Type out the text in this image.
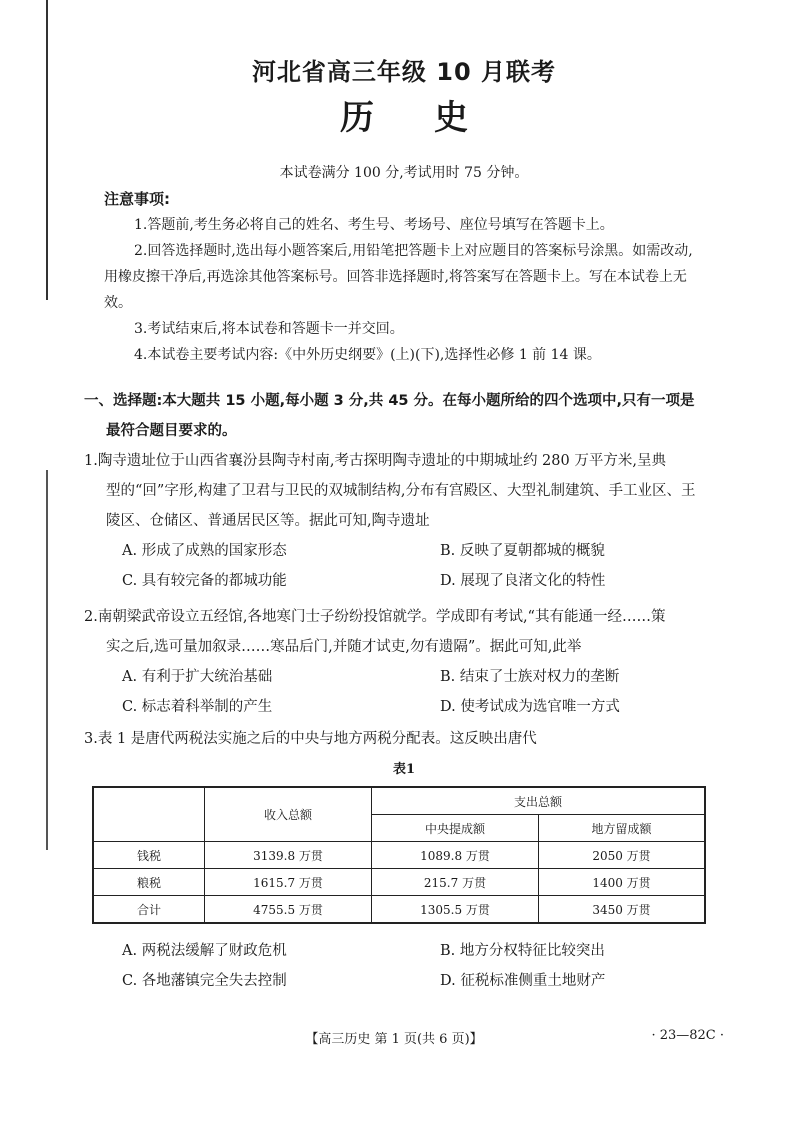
河北省高三年级 10 月联考
历史
本试卷满分 100 分,考试用时 75 分钟。
注意事项:

1.答题前,考生务必将自己的姓名、考生号、考场号、座位号填写在答题卡上。

2.回答选择题时,选出每小题答案后,用铅笔把答题卡上对应题目的答案标号涂黑。如需改动,用橡皮擦干净后,再选涂其他答案标号。回答非选择题时,将答案写在答题卡上。写在本试卷上无效。

3.考试结束后,将本试卷和答题卡一并交回。

4.本试卷主要考试内容:《中外历史纲要》(上)(下),选择性必修 1 前 14 课。

一、选择题:本大题共 15 小题,每小题 3 分,共 45 分。在每小题所给的四个选项中,只有一项是
最符合题目要求的。
1.陶寺遗址位于山西省襄汾县陶寺村南,考古探明陶寺遗址的中期城址约 280 万平方米,呈典
型的“回”字形,构建了卫君与卫民的双城制结构,分布有宫殿区、大型礼制建筑、手工业区、王
陵区、仓储区、普通居民区等。据此可知,陶寺遗址
A. 形成了成熟的国家形态	B. 反映了夏朝都城的概貌
C. 具有较完备的都城功能	D. 展现了良渚文化的特性
2.南朝梁武帝设立五经馆,各地寒门士子纷纷投馆就学。学成即有考试,“其有能通一经……策
实之后,选可量加叙录……寒品后门,并随才试吏,勿有遗隔”。据此可知,此举
A. 有利于扩大统治基础	B. 结束了士族对权力的垄断
C. 标志着科举制的产生	D. 使考试成为选官唯一方式
3.表 1 是唐代两税法实施之后的中央与地方两税分配表。这反映出唐代
表1
	收入总额	支出总额	
		中央提成额	地方留成额
钱税	3139.8 万贯	1089.8 万贯	2050 万贯
粮税	1615.7 万贯	215.7 万贯	1400 万贯
合计	4755.5 万贯	1305.5 万贯	3450 万贯
A. 两税法缓解了财政危机	B. 地方分权特征比较突出
C. 各地藩镇完全失去控制	D. 征税标准侧重土地财产
【高三历史 第 1 页(共 6 页)】	· 23—82C ·
